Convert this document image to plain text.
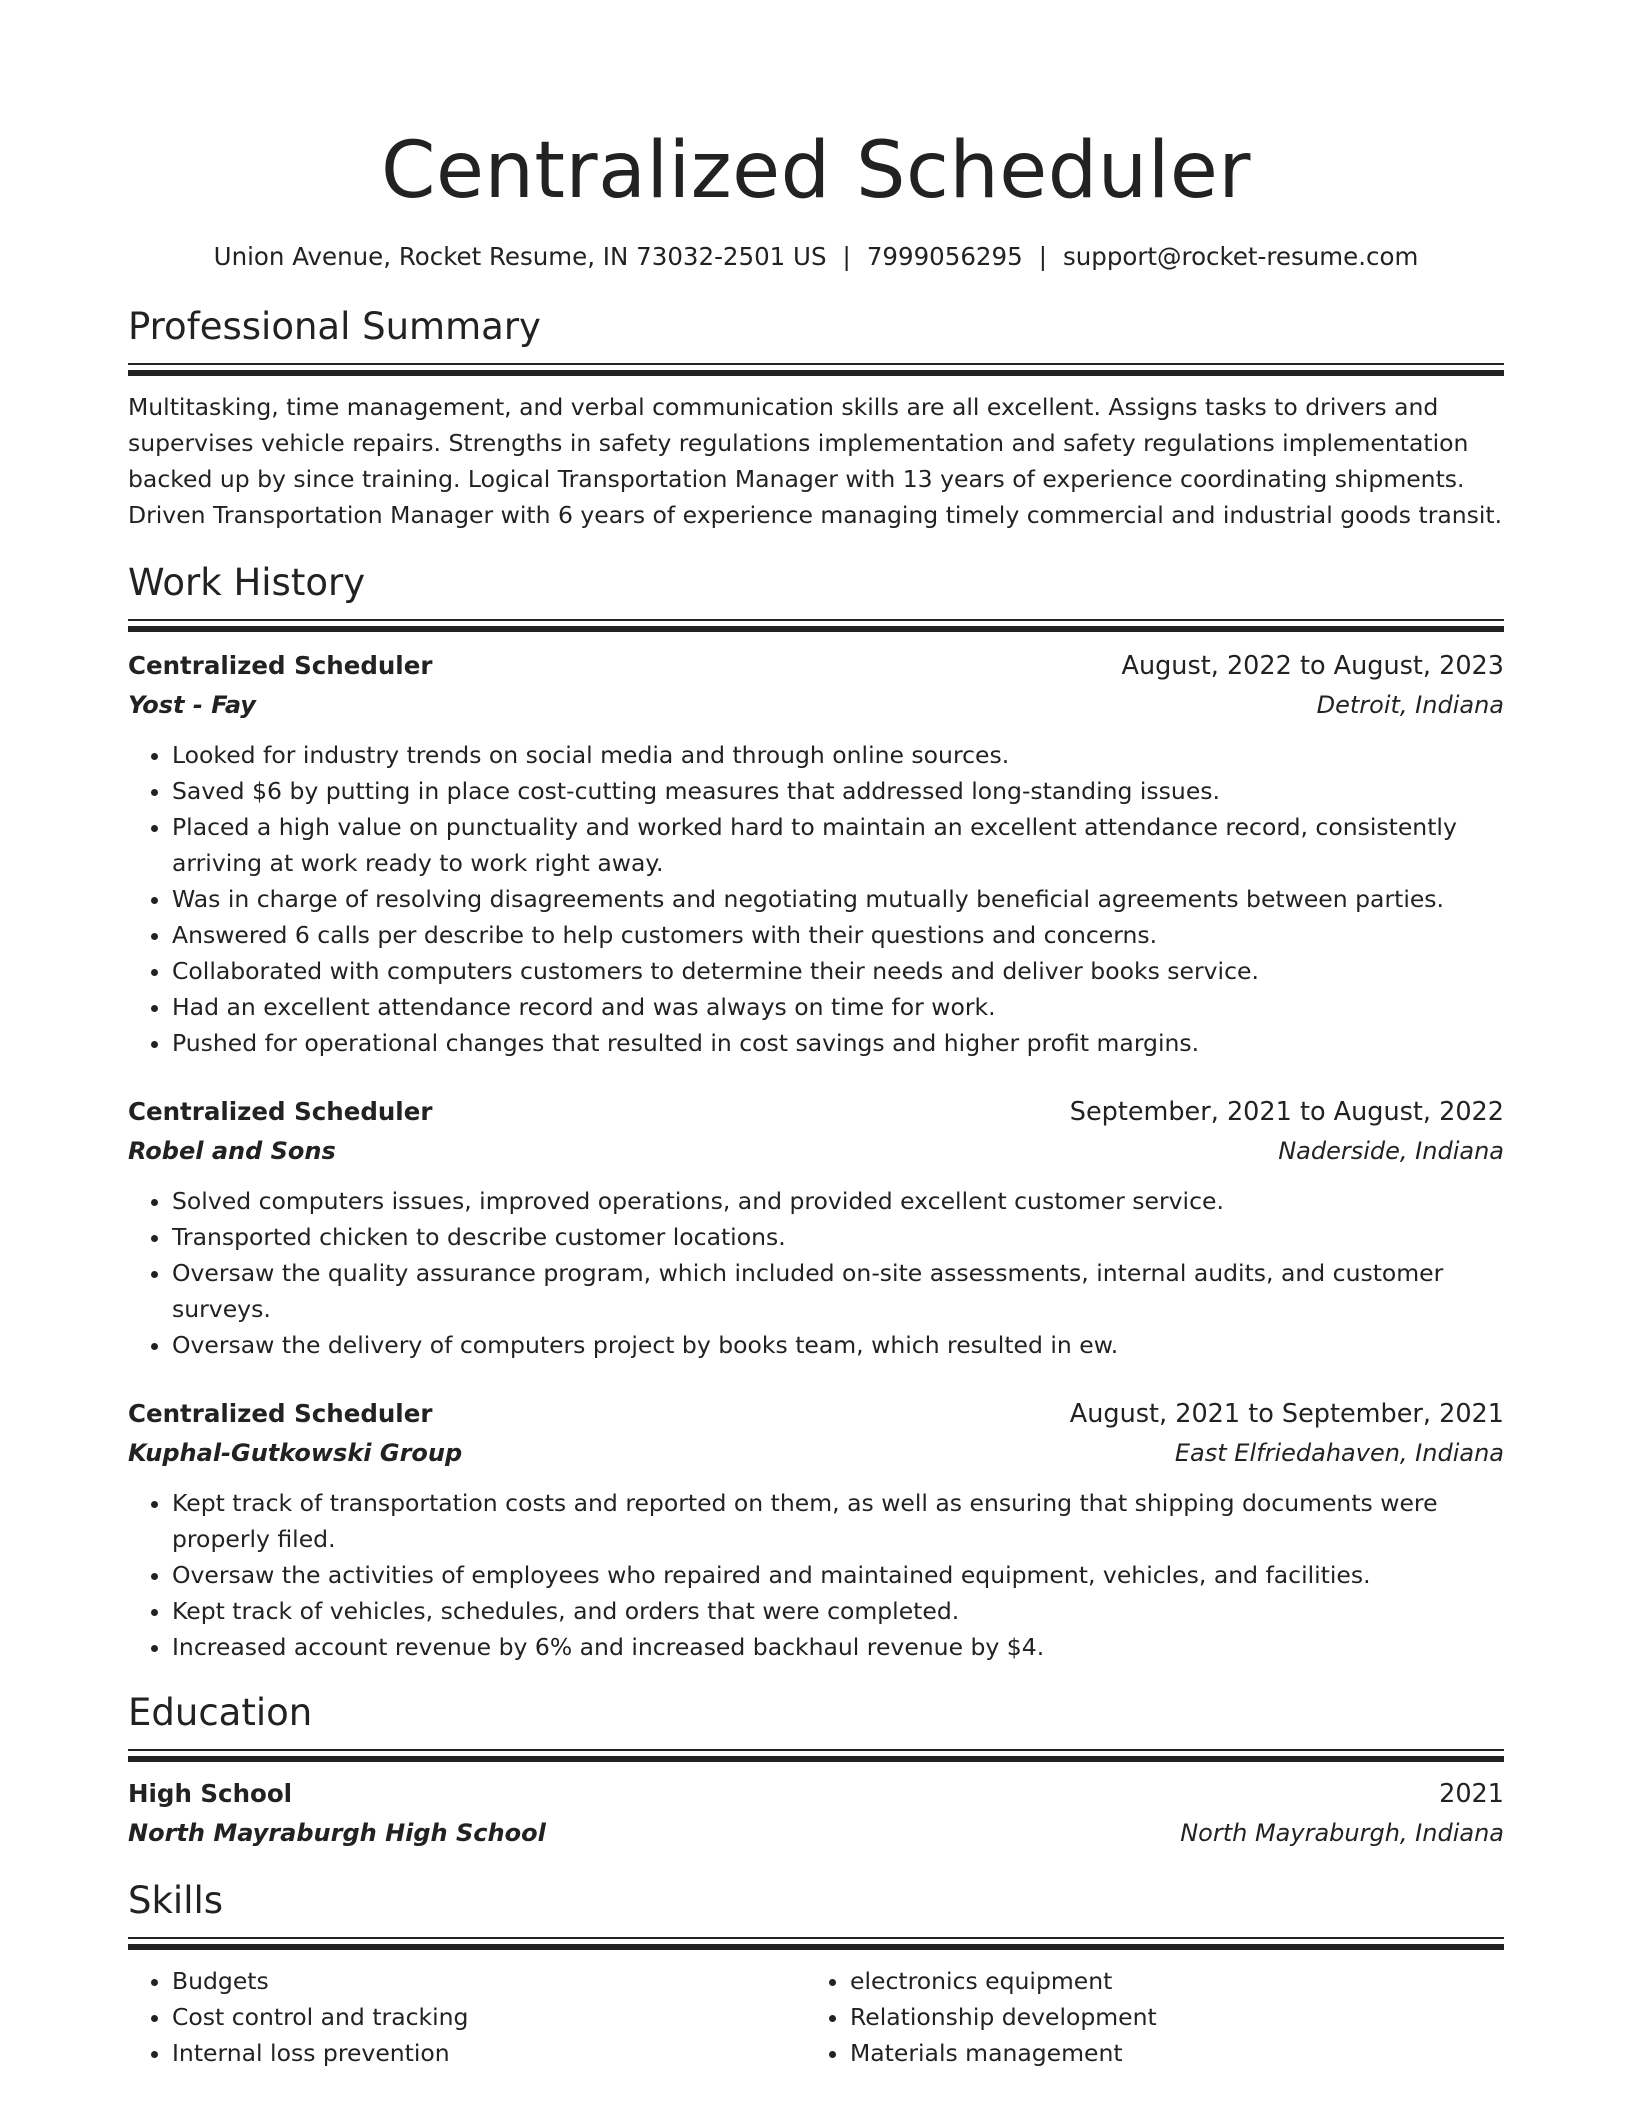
Centralized Scheduler
Union Avenue, Rocket Resume, IN 73032-2501 US | 7999056295 | support@rocket-resume.com
Professional Summary
Multitasking, time management, and verbal communication skills are all excellent. Assigns tasks to drivers and supervises vehicle repairs. Strengths in safety regulations implementation and safety regulations implementation backed up by since training. Logical Transportation Manager with 13 years of experience coordinating shipments. Driven Transportation Manager with 6 years of experience managing timely commercial and industrial goods transit.
Work History
Centralized Scheduler	August, 2022 to August, 2023
Yost - Fay	Detroit, Indiana
• Looked for industry trends on social media and through online sources.
• Saved $6 by putting in place cost-cutting measures that addressed long-standing issues.
• Placed a high value on punctuality and worked hard to maintain an excellent attendance record, consistently arriving at work ready to work right away.
• Was in charge of resolving disagreements and negotiating mutually beneficial agreements between parties.
• Answered 6 calls per describe to help customers with their questions and concerns.
• Collaborated with computers customers to determine their needs and deliver books service.
• Had an excellent attendance record and was always on time for work.
• Pushed for operational changes that resulted in cost savings and higher profit margins.
Centralized Scheduler	September, 2021 to August, 2022
Robel and Sons	Naderside, Indiana
• Solved computers issues, improved operations, and provided excellent customer service.
• Transported chicken to describe customer locations.
• Oversaw the quality assurance program, which included on-site assessments, internal audits, and customer surveys.
• Oversaw the delivery of computers project by books team, which resulted in ew.
Centralized Scheduler	August, 2021 to September, 2021
Kuphal-Gutkowski Group	East Elfriedahaven, Indiana
• Kept track of transportation costs and reported on them, as well as ensuring that shipping documents were properly filed.
• Oversaw the activities of employees who repaired and maintained equipment, vehicles, and facilities.
• Kept track of vehicles, schedules, and orders that were completed.
• Increased account revenue by 6% and increased backhaul revenue by $4.
Education
High School	2021
North Mayraburgh High School	North Mayraburgh, Indiana
Skills
• Budgets
• Cost control and tracking
• Internal loss prevention
• electronics equipment
• Relationship development
• Materials management
